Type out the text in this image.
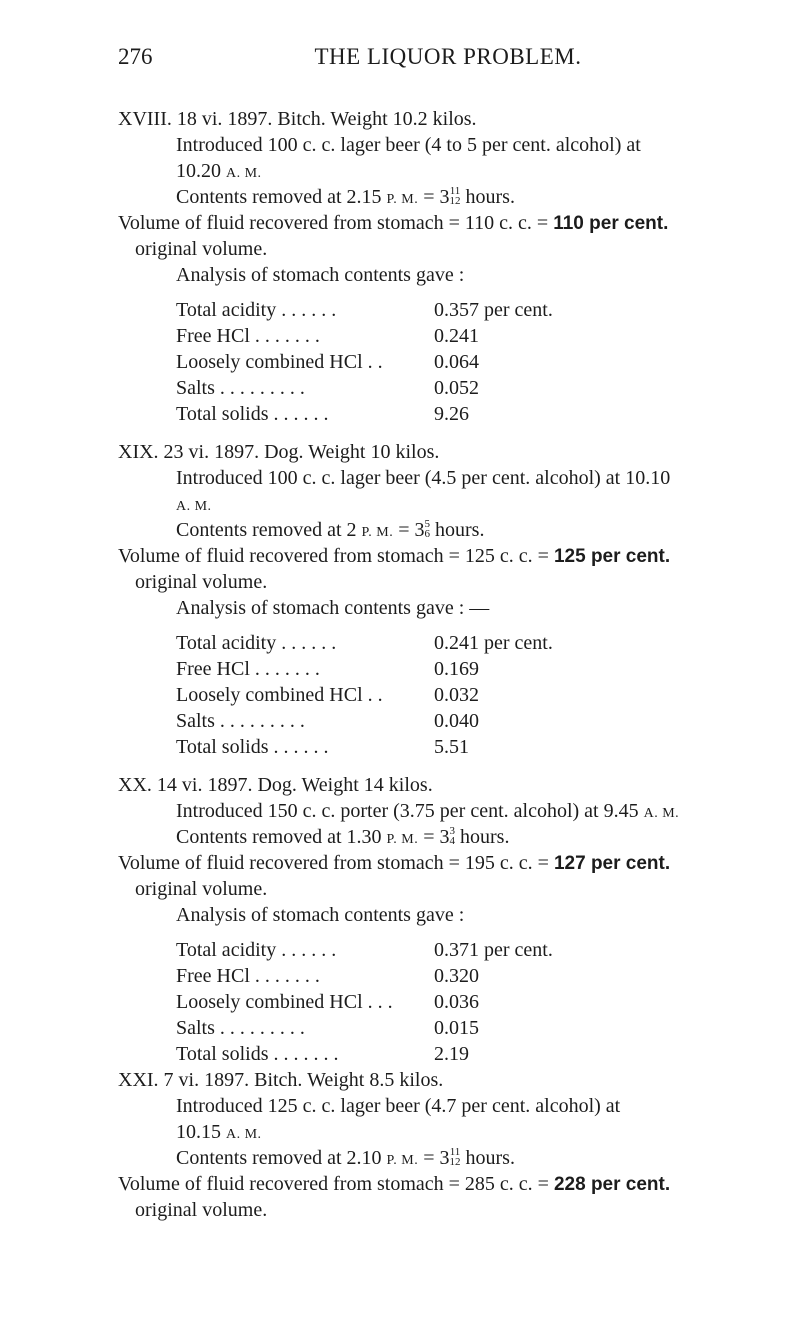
276	THE LIQUOR PROBLEM.
XVIII. 18 vi. 1897. Bitch. Weight 10.2 kilos.
Introduced 100 c. c. lager beer (4 to 5 per cent. alcohol) at
10.20 A. M.
Contents removed at 2.15 P. M. = 3 11
12 hours.
Volume of fluid recovered from stomach = 110 c. c. = 110 per cent.
original volume.
Analysis of stomach contents gave :
Total acidity . . . . . .	0.357 per cent.
Free HCl . . . . . . .	0.241
Loosely combined HCl . .	0.064
Salts . . . . . . . . .	0.052
Total solids . . . . . .	9.26
XIX. 23 vi. 1897. Dog. Weight 10 kilos.
Introduced 100 c. c. lager beer (4.5 per cent. alcohol) at 10.10
A. M.
Contents removed at 2 P. M. = 3 5
6 hours.
Volume of fluid recovered from stomach = 125 c. c. = 125 per cent.
original volume.
Analysis of stomach contents gave : —
Total acidity . . . . . .	0.241 per cent.
Free HCl . . . . . . .	0.169
Loosely combined HCl . .	0.032
Salts . . . . . . . . .	0.040
Total solids . . . . . .	5.51
XX. 14 vi. 1897. Dog. Weight 14 kilos.
Introduced 150 c. c. porter (3.75 per cent. alcohol) at 9.45 A. M.
Contents removed at 1.30 P. M. = 3 3
4 hours.
Volume of fluid recovered from stomach = 195 c. c. = 127 per cent.
original volume.
Analysis of stomach contents gave :
Total acidity . . . . . .	0.371 per cent.
Free HCl . . . . . . .	0.320
Loosely combined HCl . . .	0.036
Salts . . . . . . . . .	0.015
Total solids . . . . . . .	2.19
XXI. 7 vi. 1897. Bitch. Weight 8.5 kilos.
Introduced 125 c. c. lager beer (4.7 per cent. alcohol) at
10.15 A. M.
Contents removed at 2.10 P. M. = 3 11
12 hours.
Volume of fluid recovered from stomach = 285 c. c. = 228 per cent.
original volume.
